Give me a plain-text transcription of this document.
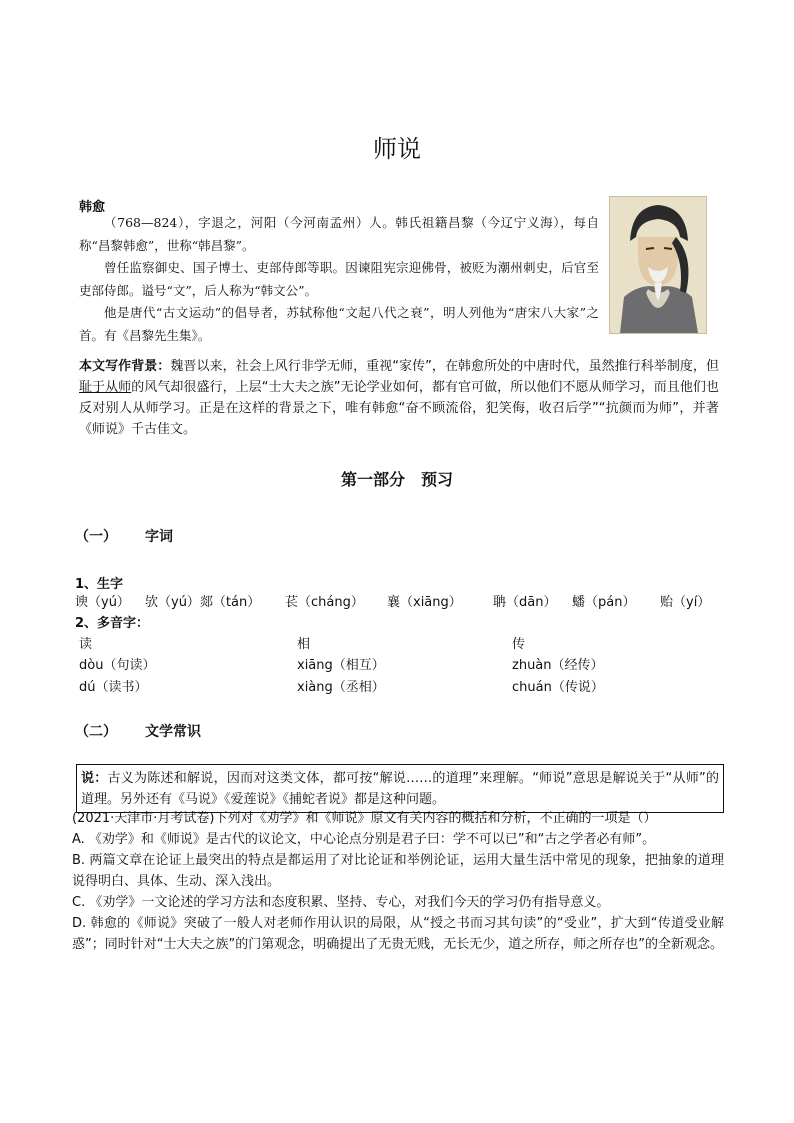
师说
韩愈

（768—824），字退之，河阳（今河南孟州）人。韩氏祖籍昌黎（今辽宁义海），每自称“昌黎韩愈”，世称“韩昌黎”。

曾任监察御史、国子博士、吏部侍郎等职。因谏阻宪宗迎佛骨，被贬为潮州刺史，后官至吏部侍郎。谥号“文”，后人称为“韩文公”。

他是唐代“古文运动”的倡导者，苏轼称他“文起八代之衰”，明人列他为“唐宋八大家”之首。有《昌黎先生集》。

本文写作背景：魏晋以来，社会上风行非学无师，重视“家传”，在韩愈所处的中唐时代，虽然推行科举制度，但耻于从师的风气却很盛行，上层“士大夫之族”无论学业如何，都有官可做，所以他们不愿从师学习，而且他们也反对别人从师学习。正是在这样的背景之下，唯有韩愈“奋不顾流俗，犯笑侮，收召后学”“抗颜而为师”，并著《师说》千古佳文。
第一部分　预习
（一） 字词
1、生字
谀（yú） 欤（yú）郯（tán） 苌（cháng） 襄（xiāng） 聃（dān） 蟠（pán） 贻（yí）
2、多音字：
读
dòu（句读）
dú（读书）
相
xiāng（相互）
xiàng（丞相）
传
zhuàn（经传）
chuán（传说）
（二） 文学常识
说：古义为陈述和解说，因而对这类文体，都可按“解说……的道理”来理解。“师说”意思是解说关于“从师”的道理。另外还有《马说》《爱莲说》《捕蛇者说》都是这种问题。

(2021·天津市·月考试卷)下列对《劝学》和《师说》原文有关内容的概括和分析，不正确的一项是（）

A. 《劝学》和《师说》是古代的议论文，中心论点分别是君子曰：学不可以已”和“古之学者必有师”。

B. 两篇文章在论证上最突出的特点是都运用了对比论证和举例论证，运用大量生活中常见的现象，把抽象的道理说得明白、具体、生动、深入浅出。

C. 《劝学》一文论述的学习方法和态度积累、坚持、专心，对我们今天的学习仍有指导意义。

D. 韩愈的《师说》突破了一般人对老师作用认识的局限，从“授之书而习其句读”的“受业”，扩大到“传道受业解惑”；同时针对“士大夫之族”的门第观念，明确提出了无贵无贱，无长无少，道之所存，师之所存也”的全新观念。
